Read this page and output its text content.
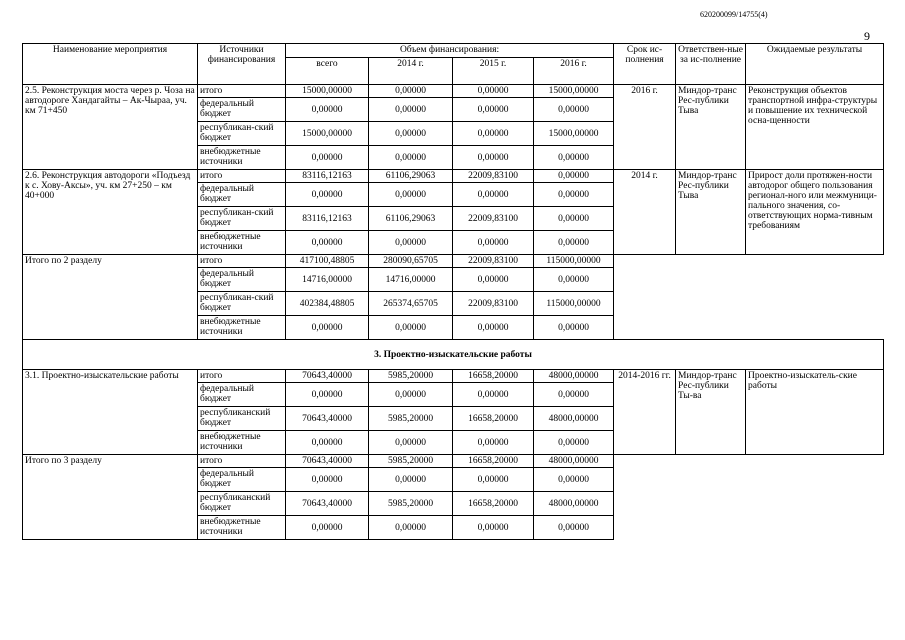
620200099/14755(4)
9
Наименование мероприятия	Источники финансирования	Объем финансирования:				Срок ис-полнения	Ответствен-ные за ис-полнение	Ожидаемые результаты
		всего	2014 г.	2015 г.	2016 г.			
2.5. Реконструкция моста через р. Чоза на автодороге Хандагайты – Ак-Чыраа, уч. км 71+450	итого	15000,00000	0,00000	0,00000	15000,00000	2016 г.	Миндор-транс Рес-публики Тыва	Реконструкция объектов транспортной инфра-структуры и повышение их технической осна-щенности
	федеральный бюджет	0,00000	0,00000	0,00000	0,00000			
	республикан-ский бюджет	15000,00000	0,00000	0,00000	15000,00000			
	внебюджетные источники	0,00000	0,00000	0,00000	0,00000			
2.6. Реконструкция автодороги «Подъезд к с. Хову-Аксы», уч. км 27+250 – км 40+000	итого	83116,12163	61106,29063	22009,83100	0,00000	2014 г.	Миндор-транс Рес-публики Тыва	Прирост доли протяжен-ности автодорог общего пользования регионал-ного или межмуници-пального значения, со-ответствующих норма-тивным требованиям
	федеральный бюджет	0,00000	0,00000	0,00000	0,00000			
	республикан-ский бюджет	83116,12163	61106,29063	22009,83100	0,00000			
	внебюджетные источники	0,00000	0,00000	0,00000	0,00000			
Итого по 2 разделу	итого	417100,48805	280090,65705	22009,83100	115000,00000			
	федеральный бюджет	14716,00000	14716,00000	0,00000	0,00000			
	республикан-ский бюджет	402384,48805	265374,65705	22009,83100	115000,00000			
	внебюджетные источники	0,00000	0,00000	0,00000	0,00000			
3. Проектно-изыскательские работы								
3.1. Проектно-изыскательские работы	итого	70643,40000	5985,20000	16658,20000	48000,00000	2014-2016 гг.	Миндор-транс Рес-публики Ты-ва	Проектно-изыскатель-ские работы
	федеральный бюджет	0,00000	0,00000	0,00000	0,00000			
	республиканский бюджет	70643,40000	5985,20000	16658,20000	48000,00000			
	внебюджетные источники	0,00000	0,00000	0,00000	0,00000			
Итого по 3 разделу	итого	70643,40000	5985,20000	16658,20000	48000,00000			
	федеральный бюджет	0,00000	0,00000	0,00000	0,00000			
	республиканский бюджет	70643,40000	5985,20000	16658,20000	48000,00000			
	внебюджетные источники	0,00000	0,00000	0,00000	0,00000			
